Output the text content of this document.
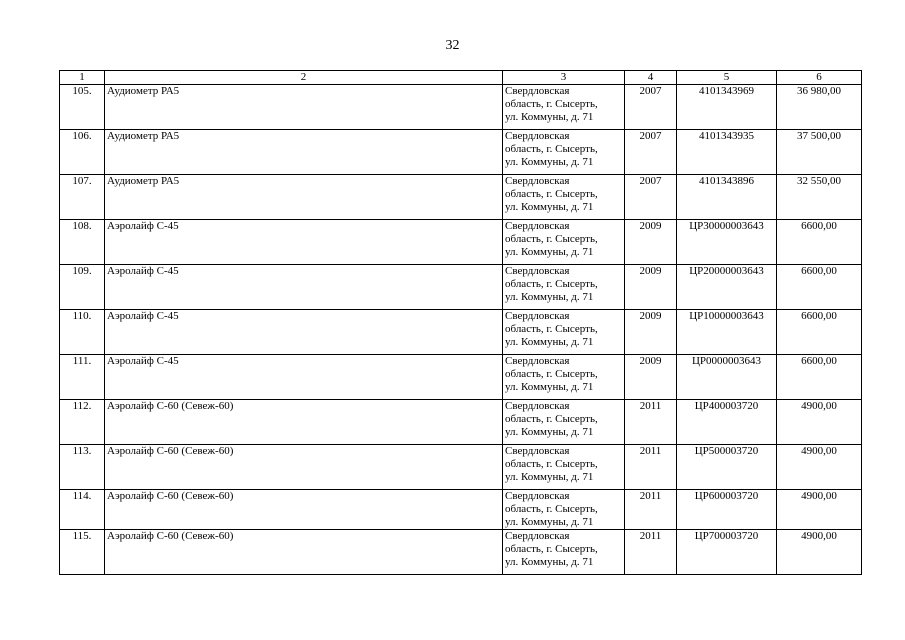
32
1	2	3	4	5	6
105.	Аудиометр РА5	Свердловская
область, г. Сысерть,
ул. Коммуны, д. 71	2007	4101343969	36 980,00
106.	Аудиометр РА5	Свердловская
область, г. Сысерть,
ул. Коммуны, д. 71	2007	4101343935	37 500,00
107.	Аудиометр РА5	Свердловская
область, г. Сысерть,
ул. Коммуны, д. 71	2007	4101343896	32 550,00
108.	Аэролайф С-45	Свердловская
область, г. Сысерть,
ул. Коммуны, д. 71	2009	ЦР30000003643	6600,00
109.	Аэролайф С-45	Свердловская
область, г. Сысерть,
ул. Коммуны, д. 71	2009	ЦР20000003643	6600,00
110.	Аэролайф С-45	Свердловская
область, г. Сысерть,
ул. Коммуны, д. 71	2009	ЦР10000003643	6600,00
111.	Аэролайф С-45	Свердловская
область, г. Сысерть,
ул. Коммуны, д. 71	2009	ЦР0000003643	6600,00
112.	Аэролайф С-60 (Севеж-60)	Свердловская
область, г. Сысерть,
ул. Коммуны, д. 71	2011	ЦР400003720	4900,00
113.	Аэролайф С-60 (Севеж-60)	Свердловская
область, г. Сысерть,
ул. Коммуны, д. 71	2011	ЦР500003720	4900,00
114.	Аэролайф С-60 (Севеж-60)	Свердловская
область, г. Сысерть,
ул. Коммуны, д. 71	2011	ЦР600003720	4900,00
115.	Аэролайф С-60 (Севеж-60)	Свердловская
область, г. Сысерть,
ул. Коммуны, д. 71	2011	ЦР700003720	4900,00
